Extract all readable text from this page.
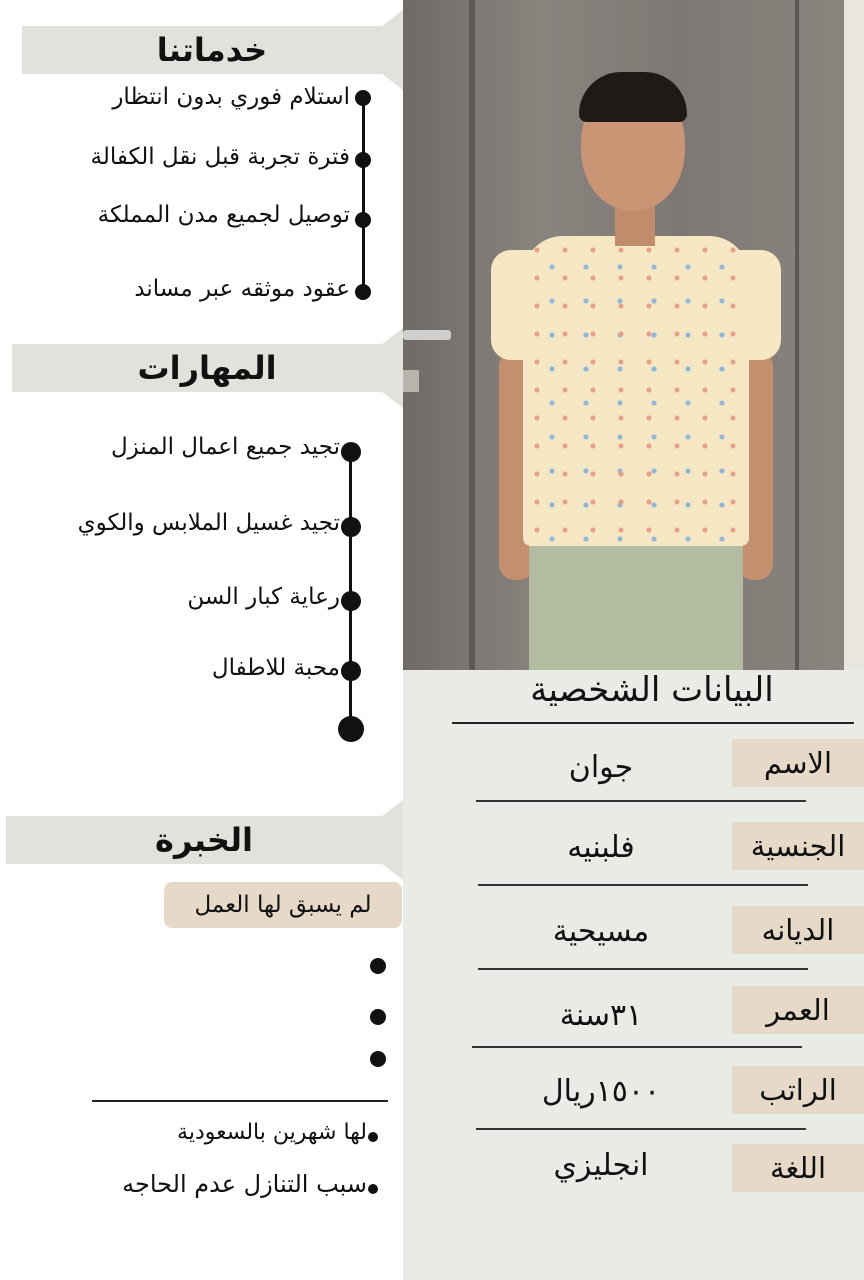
خدماتنا
استلام فوري بدون انتظار
فترة تجربة قبل نقل الكفالة
توصيل لجميع مدن المملكة
عقود موثقه عبر مساند
المهارات
تجيد جميع اعمال المنزل
تجيد غسيل الملابس والكوي
رعاية كبار السن
محبة للاطفال
الخبرة
لم يسبق لها العمل
لها شهرين بالسعودية
سبب التنازل عدم الحاجه
البيانات الشخصية
الاسم
جوان
الجنسية
فلبنيه
الديانه
مسيحية
العمر
٣١سنة
الراتب
١٥٠٠ريال
اللغة
انجليزي
